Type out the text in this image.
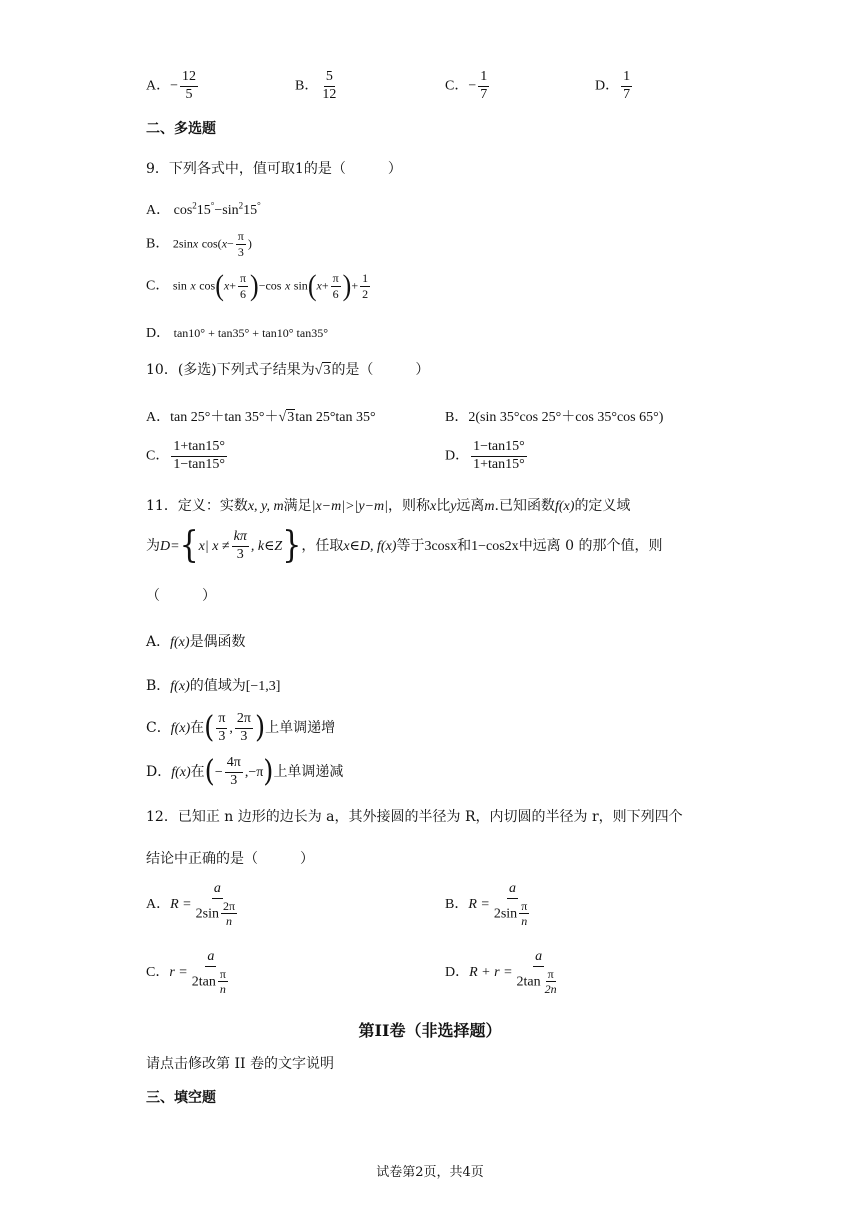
A．− $\frac{12}{5}$	B． $\frac{5}{12}$	C．− $\frac{1}{7}$	D． $\frac{1}{7}$
二、多选题
9．下列各式中，值可取1的是（　　　）
A． $\cos^215^\circ-\sin^215^\circ$
B． 2sinx $\cos(x- \frac{\pi}{3}$ )
C． sin x $\cos(x+ \frac{\pi}{6} )-\cos$ x $\sin(x+ \frac{\pi}{6}$ )+ $\frac{1}{2}$
D． tan10° + tan35° + tan10° tan35°
10．(多选)下列式子结果为√3的是（　　　）
A．tan 25°＋tan 35°＋√3tan 25°tan 35°	B．2(sin 35°cos 25°＋cos 35°cos 65°)
C． $\frac{1+\tan 15^\circ}{1-\tan 15^\circ}$	D． $\frac{1-\tan 15^\circ}{1+\tan 15^\circ}$
11．定义：实数x, y, m满足|x−m|>|y−m|，则称x比y远离m.已知函数f(x)的定义域
为D={x| $x \ne \frac{k\pi}{3}$ , k∈Z}，任取x∈D, f(x)等于3cosx和1−cos2x中远离 0 的那个值，则
（　　　）
A．f(x)是偶函数
B．f(x)的值域为[−1,3]
C．f(x)在( $\frac{\pi}{3}$ , $\frac{2\pi}{3}$ )上单调递增
D．f(x)在(− $\frac{4\pi}{3} ,-\pi$)上单调递减
12．已知正 n 边形的边长为 a，其外接圆的半径为 R，内切圆的半径为 r，则下列四个
结论中正确的是（　　　）
A．$R = \frac{a}{2\sin \frac{2\pi}{n}}$	B．$R = \frac{a}{2\sin \frac{\pi}{n}}$
C．$r = \frac{a}{2\tan \frac{\pi}{n}}$	D．$R + r = \frac{a}{2\tan \frac{\pi}{2n}}$
第II卷（非选择题）
请点击修改第 II 卷的文字说明
三、填空题
试卷第2页，共4页
